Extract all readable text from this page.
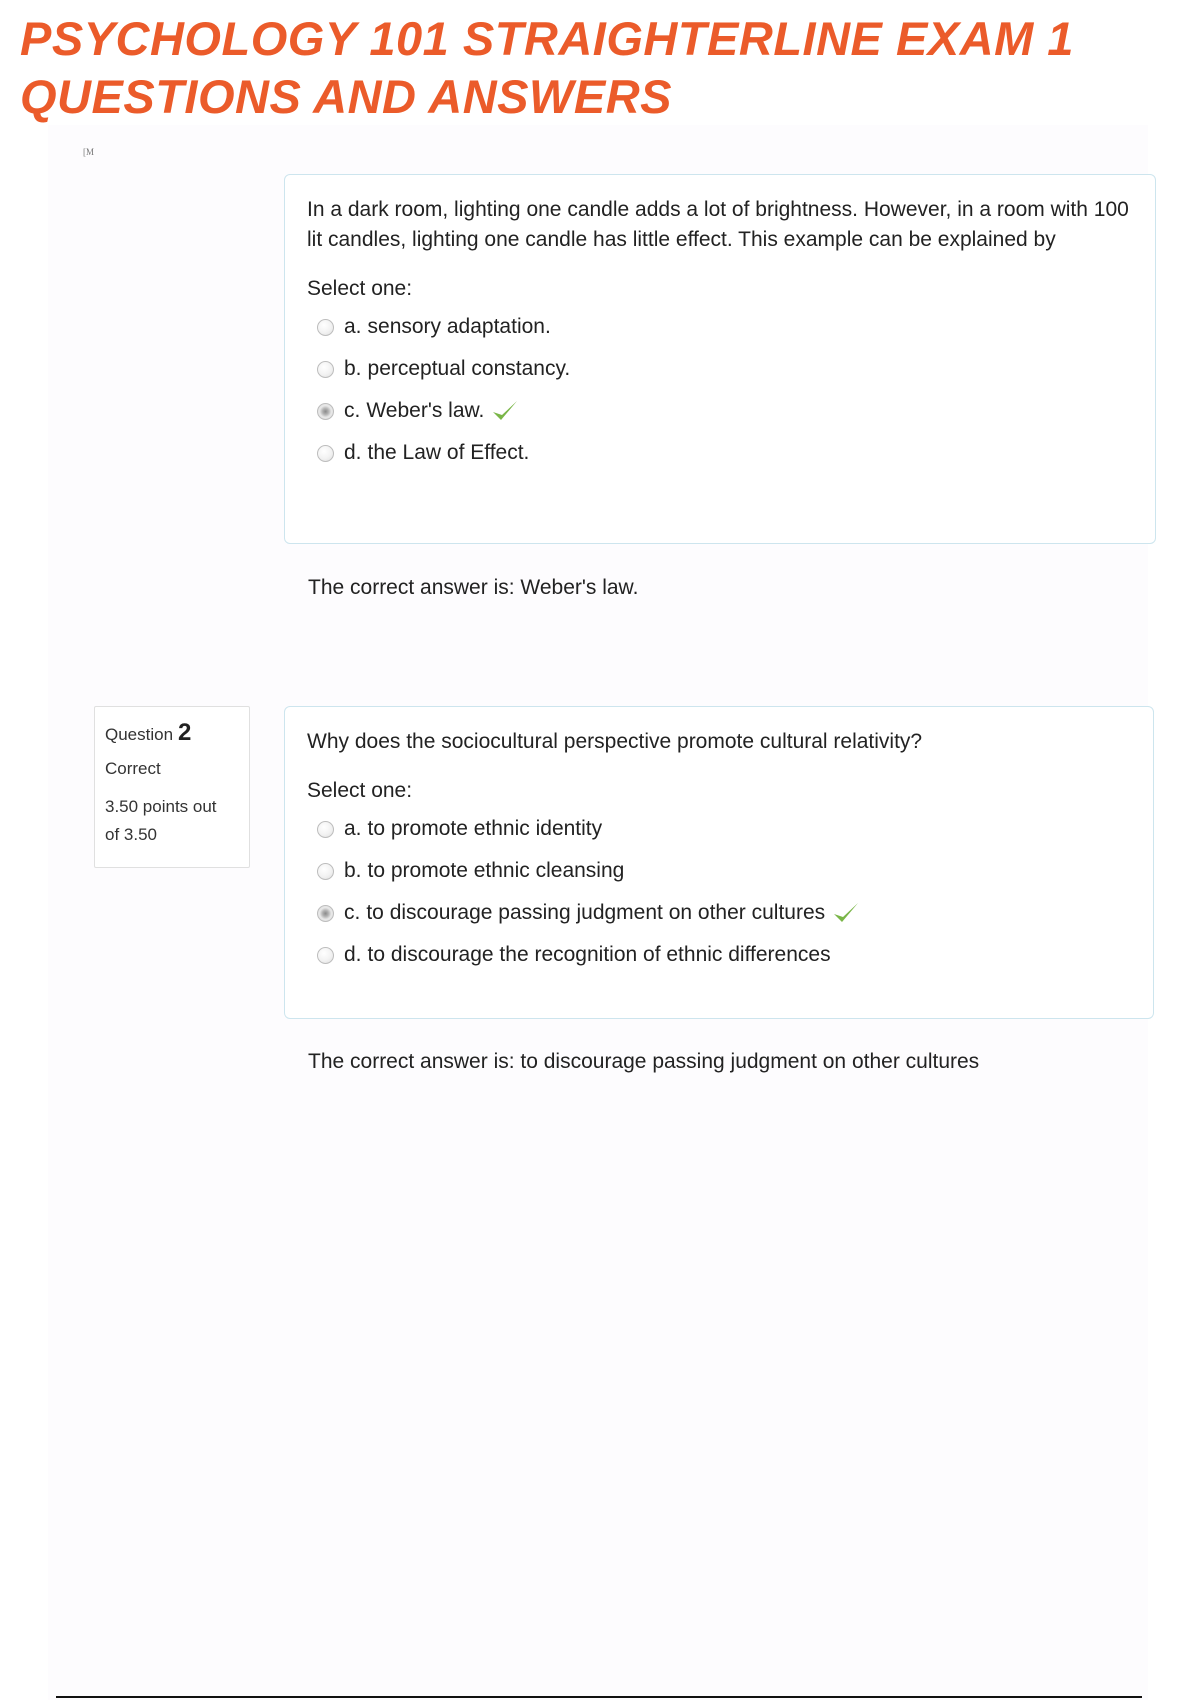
PSYCHOLOGY 101 STRAIGHTERLINE EXAM 1
QUESTIONS AND ANSWERS
[M

In a dark room, lighting one candle adds a lot of brightness. However, in a room with 100 lit candles, lighting one candle has little effect. This example can be explained by

Select one:
a. sensory adaptation.
b. perceptual constancy.
c. Weber's law.
d. the Law of Effect.
The correct answer is: Weber's law.
Question 2
Correct
3.50 points out
of 3.50

Why does the sociocultural perspective promote cultural relativity?

Select one:
a. to promote ethnic identity
b. to promote ethnic cleansing
c. to discourage passing judgment on other cultures
d. to discourage the recognition of ethnic differences
The correct answer is: to discourage passing judgment on other cultures
